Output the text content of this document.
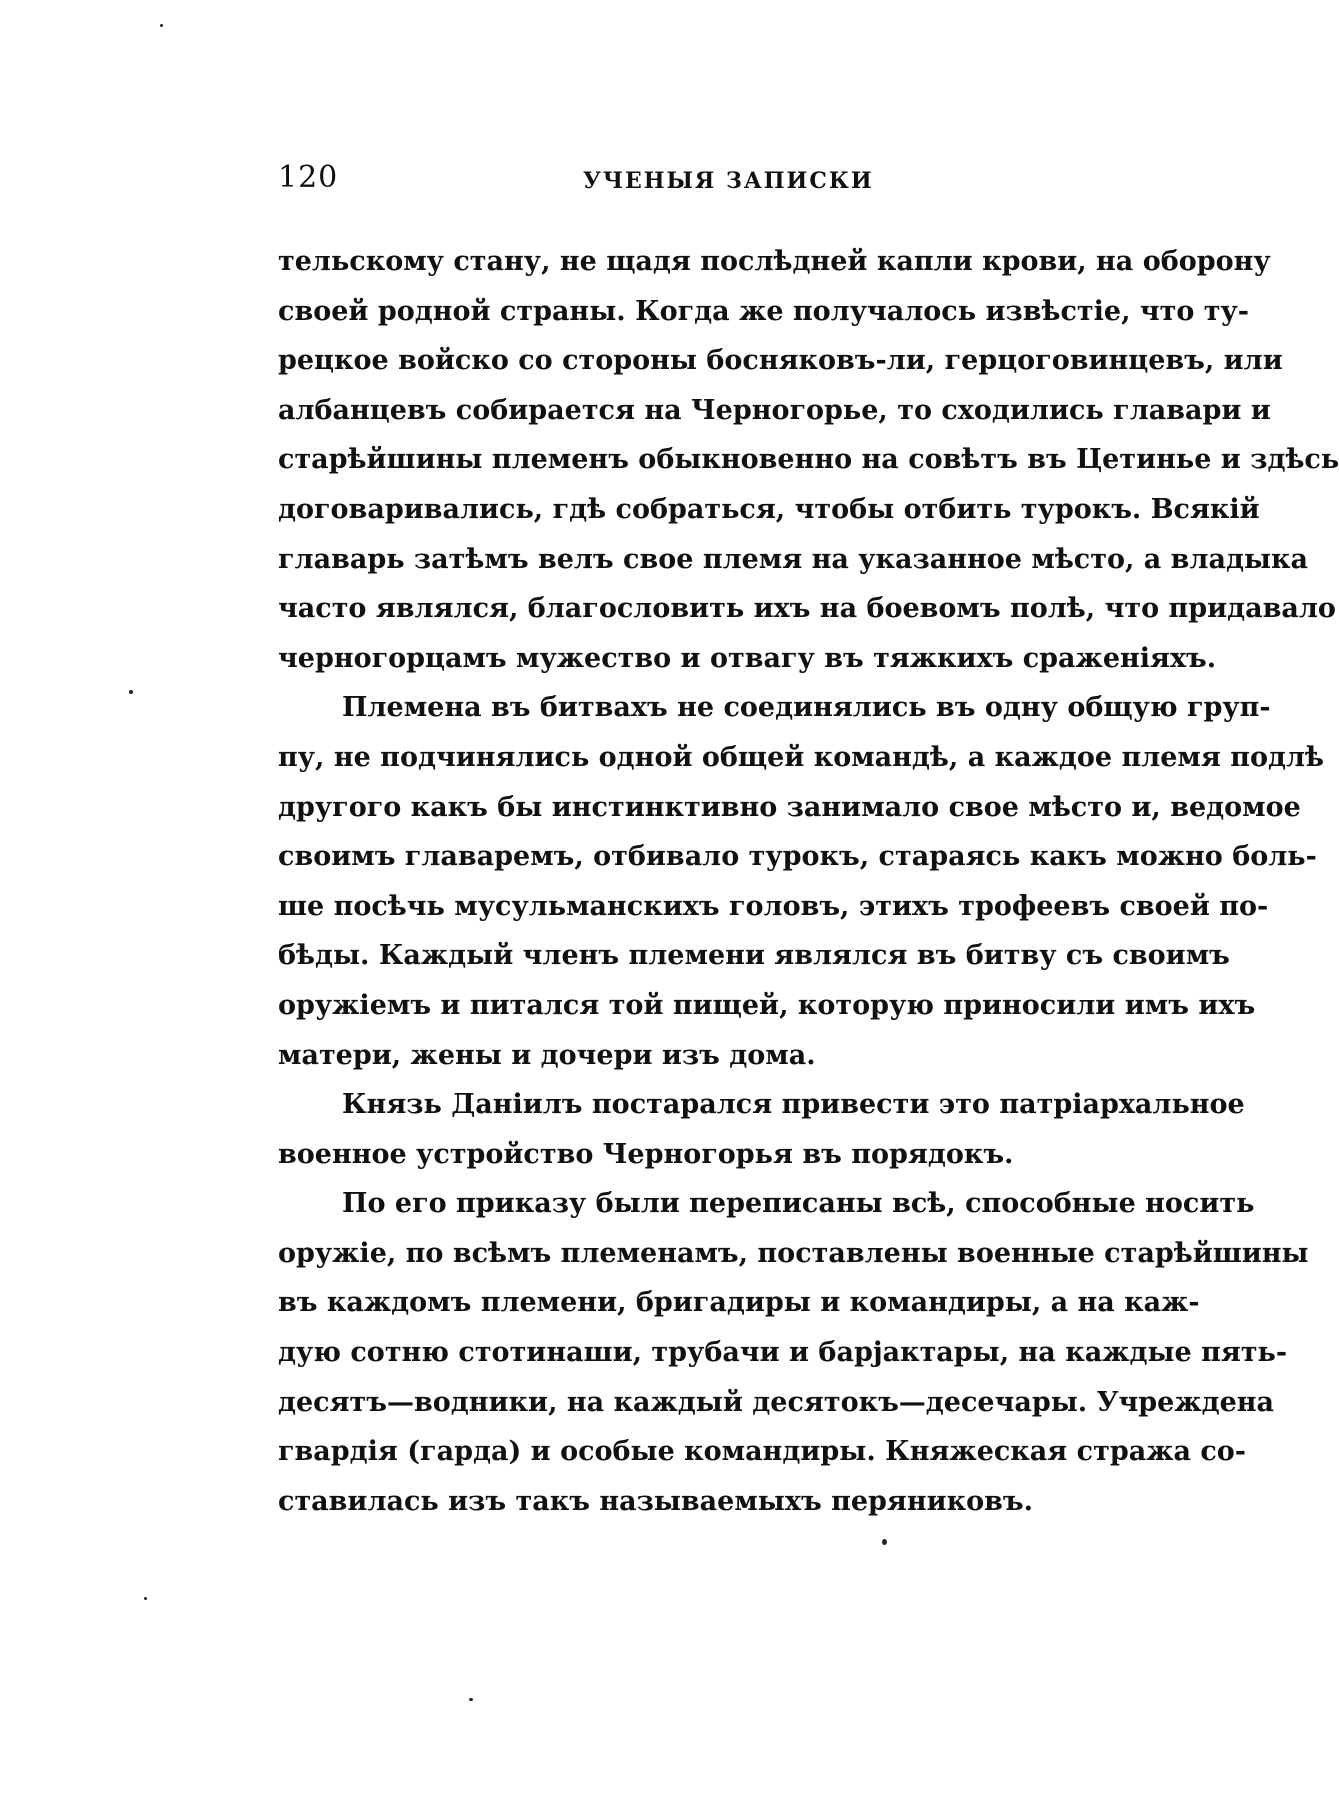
120	УЧЕНЫЯ ЗАПИСКИ
тельскому стану, не щадя послѣдней капли крови, на оборону
своей родной страны. Когда же получалось извѣстіе, что ту-
рецкое войско со стороны босняковъ-ли, герцоговинцевъ, или
албанцевъ собирается на Черногорье, то сходились главари и
старѣйшины племенъ обыкновенно на совѣтъ въ Цетинье и здѣсь
договаривались, гдѣ собраться, чтобы отбить турокъ. Всякій
главарь затѣмъ велъ свое племя на указанное мѣсто, а владыка
часто являлся, благословить ихъ на боевомъ полѣ, что придавало
черногорцамъ мужество и отвагу въ тяжкихъ сраженіяхъ.
Племена въ битвахъ не соединялись въ одну общую груп-
пу, не подчинялись одной общей командѣ, а каждое племя подлѣ
другого какъ бы инстинктивно занимало свое мѣсто и, ведомое
своимъ главаремъ, отбивало турокъ, стараясь какъ можно боль-
ше посѣчь мусульманскихъ головъ, этихъ трофеевъ своей по-
бѣды. Каждый членъ племени являлся въ битву съ своимъ
оружіемъ и питался той пищей, которую приносили имъ ихъ
матери, жены и дочери изъ дома.
Князь Даніилъ постарался привести это патріархальное
военное устройство Черногорья въ порядокъ.
По его приказу были переписаны всѣ, способные носить
оружіе, по всѣмъ племенамъ, поставлены военные старѣйшины
въ каждомъ племени, бригадиры и командиры, а на каж-
дую сотню стотинаши, трубачи и барјактары, на каждые пять-
десятъ—водники, на каждый десятокъ—десечары. Учреждена
гвардія (гарда) и особые командиры. Княжеская стража со-
ставилась изъ такъ называемыхъ перяниковъ.
